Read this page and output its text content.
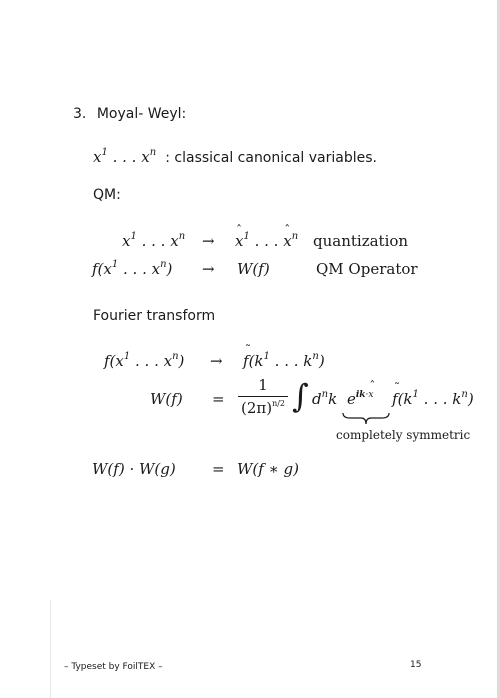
3. Moyal- Weyl:
$x^1$ . . . $x^n$ : classical canonical variables.
QM:
$x^1$ . . . $x^n$ → ˆ $x^1$ . . . ˆ $x^n$ quantization
$f(x^1$ . . . $x^n) \to W(f)$	QM Operator
Fourier transform
$f(x^1$ . . . $x^n$) → ˜ $f(k^1$ . . . $k^n$)
W(f) =
1
$(2\pi)^{n/2}$ ∫ $d^nk$ $e^{ik\cdot x}$ ˜ $f(k^1$ . . . $k^n$)
completely symmetric
W(f) · W(g) = W(f ∗ g)
– Typeset by FoilTEX –	15
